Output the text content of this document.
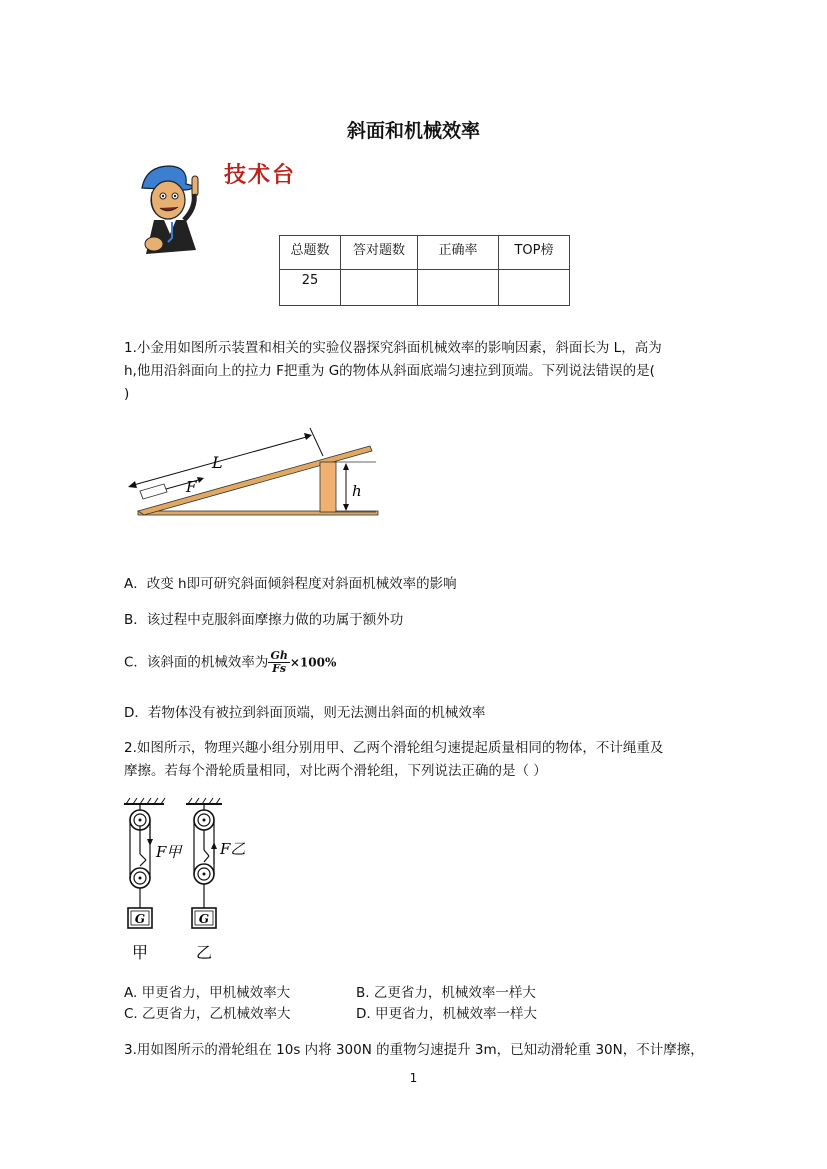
斜面和机械效率
技术台
总题数	答对题数	正确率	TOP榜
25			
1.小金用如图所示装置和相关的实验仪器探究斜面机械效率的影响因素，斜面长为 L，高为
h,他用沿斜面向上的拉力 F把重为 G的物体从斜面底端匀速拉到顶端。下列说法错误的是(
)
L
F	h
A．改变 h即可研究斜面倾斜程度对斜面机械效率的影响
B．该过程中克服斜面摩擦力做的功属于额外功
C．该斜面的机械效率为 $\frac{Gh}{Fs} \times 100\%$
D．若物体没有被拉到斜面顶端，则无法测出斜面的机械效率
2.如图所示，物理兴趣小组分别用甲、乙两个滑轮组匀速提起质量相同的物体，不计绳重及
摩擦。若每个滑轮质量相同，对比两个滑轮组，下列说法正确的是（ ）
G
F甲
G
F乙
甲	乙
A. 甲更省力，甲机械效率大	B. 乙更省力，机械效率一样大
C. 乙更省力，乙机械效率大	D. 甲更省力，机械效率一样大
3.用如图所示的滑轮组在 10s 内将 300N 的重物匀速提升 3m，已知动滑轮重 30N，不计摩擦，
1
